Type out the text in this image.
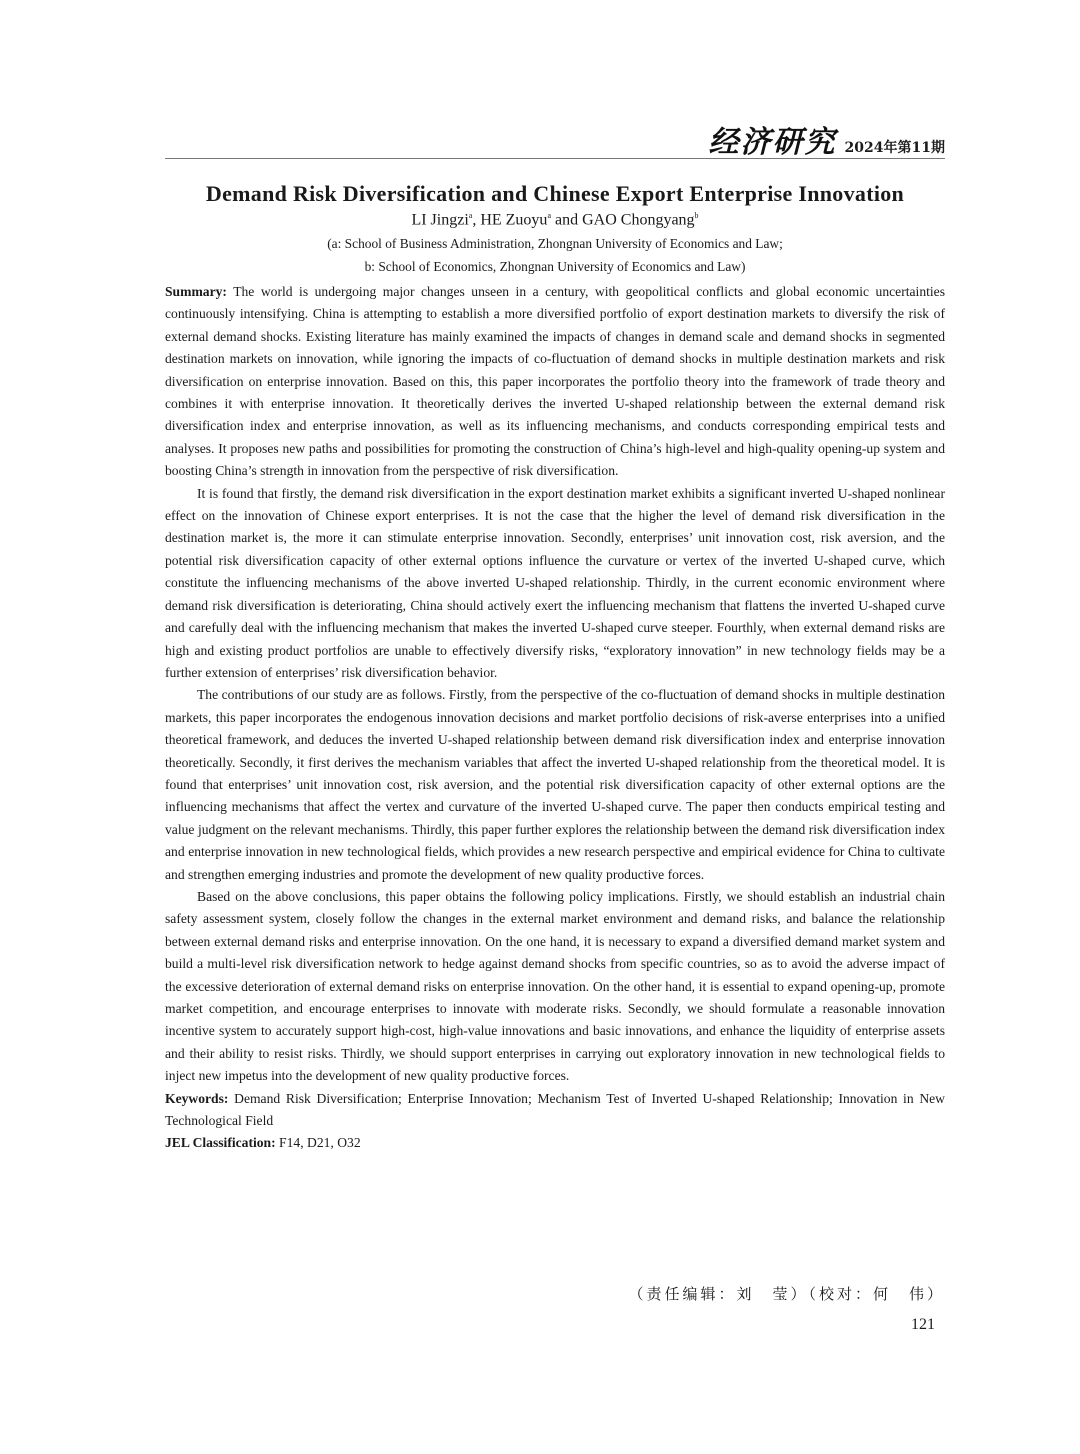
经济研究 2024年第11期
Demand Risk Diversification and Chinese Export Enterprise Innovation
LI Jingzi$^a$, HE Zuoyu$^a$ and GAO Chongyang$^b$
(a: School of Business Administration, Zhongnan University of Economics and Law;
b: School of Economics, Zhongnan University of Economics and Law)

Summary: The world is undergoing major changes unseen in a century, with geopolitical conflicts and global economic uncertainties continuously intensifying. China is attempting to establish a more diversified portfolio of export destination markets to diversify the risk of external demand shocks. Existing literature has mainly examined the impacts of changes in demand scale and demand shocks in segmented destination markets on innovation, while ignoring the impacts of co-fluctuation of demand shocks in multiple destination markets and risk diversification on enterprise innovation. Based on this, this paper incorporates the portfolio theory into the framework of trade theory and combines it with enterprise innovation. It theoretically derives the inverted U-shaped relationship between the external demand risk diversification index and enterprise innovation, as well as its influencing mechanisms, and conducts corresponding empirical tests and analyses. It proposes new paths and possibilities for promoting the construction of China’s high-level and high-quality opening-up system and boosting China’s strength in innovation from the perspective of risk diversification.

It is found that firstly, the demand risk diversification in the export destination market exhibits a significant inverted U-shaped nonlinear effect on the innovation of Chinese export enterprises. It is not the case that the higher the level of demand risk diversification in the destination market is, the more it can stimulate enterprise innovation. Secondly, enterprises’ unit innovation cost, risk aversion, and the potential risk diversification capacity of other external options influence the curvature or vertex of the inverted U-shaped curve, which constitute the influencing mechanisms of the above inverted U-shaped relationship. Thirdly, in the current economic environment where demand risk diversification is deteriorating, China should actively exert the influencing mechanism that flattens the inverted U-shaped curve and carefully deal with the influencing mechanism that makes the inverted U-shaped curve steeper. Fourthly, when external demand risks are high and existing product portfolios are unable to effectively diversify risks, “exploratory innovation” in new technology fields may be a further extension of enterprises’ risk diversification behavior.

The contributions of our study are as follows. Firstly, from the perspective of the co-fluctuation of demand shocks in multiple destination markets, this paper incorporates the endogenous innovation decisions and market portfolio decisions of risk-averse enterprises into a unified theoretical framework, and deduces the inverted U-shaped relationship between demand risk diversification index and enterprise innovation theoretically. Secondly, it first derives the mechanism variables that affect the inverted U-shaped relationship from the theoretical model. It is found that enterprises’ unit innovation cost, risk aversion, and the potential risk diversification capacity of other external options are the influencing mechanisms that affect the vertex and curvature of the inverted U-shaped curve. The paper then conducts empirical testing and value judgment on the relevant mechanisms. Thirdly, this paper further explores the relationship between the demand risk diversification index and enterprise innovation in new technological fields, which provides a new research perspective and empirical evidence for China to cultivate and strengthen emerging industries and promote the development of new quality productive forces.

Based on the above conclusions, this paper obtains the following policy implications. Firstly, we should establish an industrial chain safety assessment system, closely follow the changes in the external market environment and demand risks, and balance the relationship between external demand risks and enterprise innovation. On the one hand, it is necessary to expand a diversified demand market system and build a multi-level risk diversification network to hedge against demand shocks from specific countries, so as to avoid the adverse impact of the excessive deterioration of external demand risks on enterprise innovation. On the other hand, it is essential to expand opening-up, promote market competition, and encourage enterprises to innovate with moderate risks. Secondly, we should formulate a reasonable innovation incentive system to accurately support high-cost, high-value innovations and basic innovations, and enhance the liquidity of enterprise assets and their ability to resist risks. Thirdly, we should support enterprises in carrying out exploratory innovation in new technological fields to inject new impetus into the development of new quality productive forces.

Keywords: Demand Risk Diversification; Enterprise Innovation; Mechanism Test of Inverted U-shaped Relationship; Innovation in New Technological Field

JEL Classification: F14, D21, O32

（责任编辑：刘　莹）（校对：何　伟）
121
